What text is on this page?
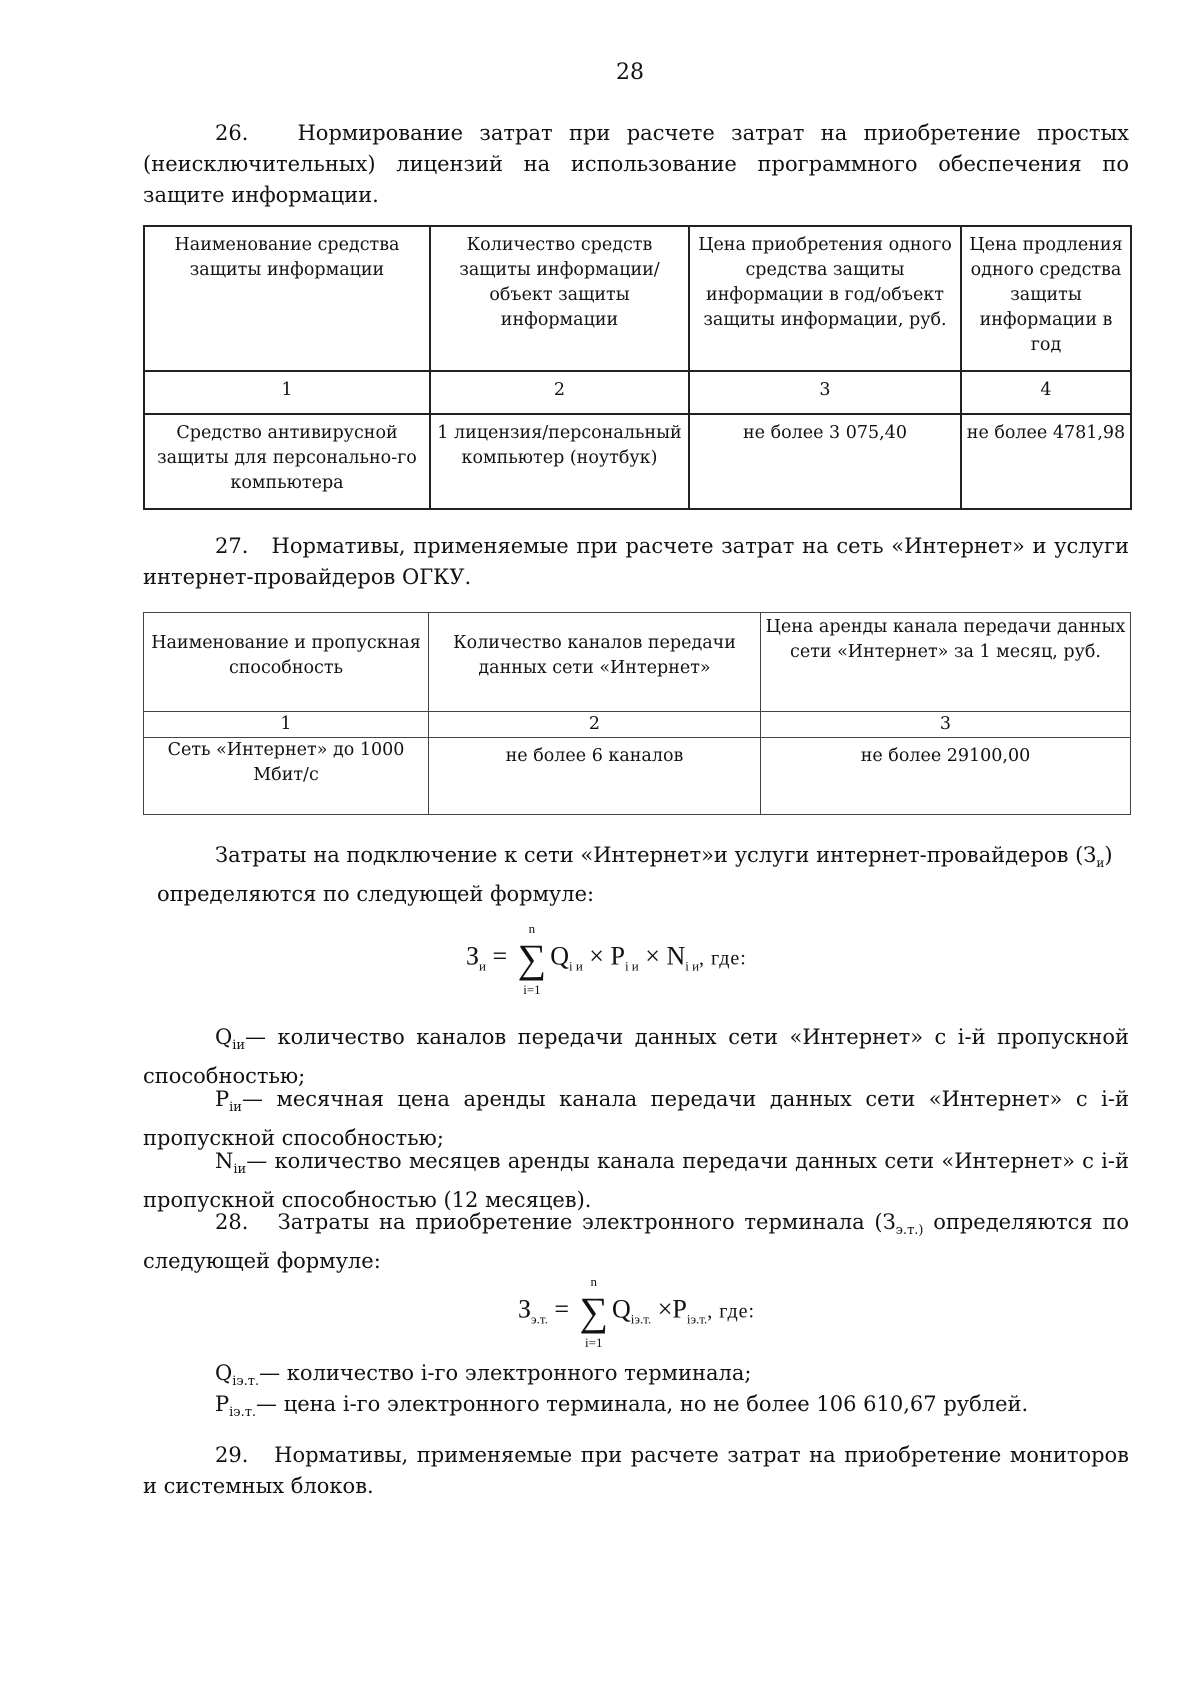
28
26. Нормирование затрат при расчете затрат на приобретение простых (неисключительных) лицензий на использование программного обеспечения по защите информации.
Наименование средства защиты информации	Количество средств защиты информации/объект защиты информации	Цена приобретения одного средства защиты информации в год/объект защиты информации, руб.	Цена продления одного средства защиты информации в год
1	2	3	4
Средство антивирусной защиты для персонально-го компьютера	1 лицензия/персональный компьютер (ноутбук)	не более 3 075,40	не более 4781,98
27. Нормативы, применяемые при расчете затрат на сеть «Интернет» и услуги интернет-провайдеров ОГКУ.
Наименование и пропускная способность	Количество каналов передачи данных сети «Интернет»	Цена аренды канала передачи данных сети «Интернет» за 1 месяц, руб.
1	2	3
Сеть «Интернет» до 1000 Мбит/с	не более 6 каналов	не более 29100,00
Затраты на подключение к сети «Интернет»и услуги интернет-провайдеров $(З_и)$
определяются по следующей формуле:
$З_и$ = ∑
n
i=1
$Q_{i и} \times P_{i и} \times N_{i и}$, где:
$Q_{iи}—$ количество каналов передачи данных сети «Интернет» с i-й пропускной способностью;
$P_{iи}—$ месячная цена аренды канала передачи данных сети «Интернет» с i-й пропускной способностью;
$N_{iи}—$ количество месяцев аренды канала передачи данных сети «Интернет» с i-й пропускной способностью (12 месяцев).
28. Затраты на приобретение электронного терминала ($З_{э.т.)}$ определяются по следующей формуле:
$З_{э.т.}$ = ∑
n
i=1
$Q_{iэ.т.} \times P_{iэ.т.}$, где:
$Q_{iэ.т.}—$ количество i-го электронного терминала;
$P_{iэ.т.}—$ цена i-го электронного терминала, но не более 106 610,67 рублей.
29. Нормативы, применяемые при расчете затрат на приобретение мониторов и системных блоков.
